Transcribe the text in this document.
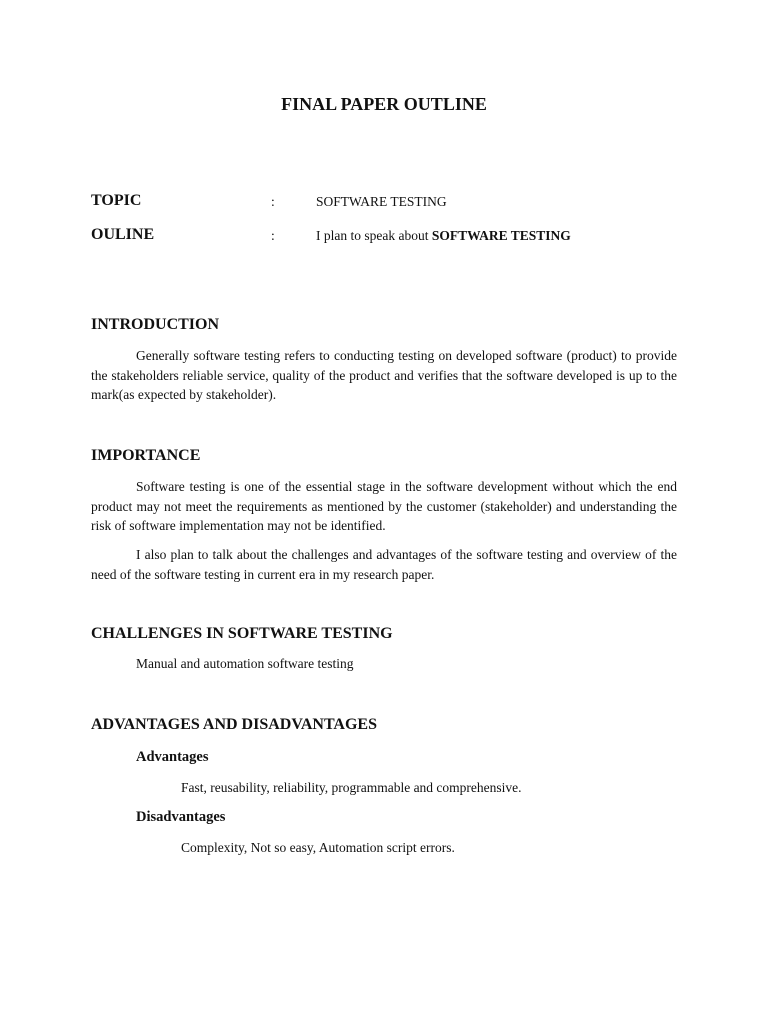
FINAL PAPER OUTLINE
TOPIC	:	SOFTWARE TESTING
OULINE	:	I plan to speak about SOFTWARE TESTING
INTRODUCTION

Generally software testing refers to conducting testing on developed software (product) to provide the stakeholders reliable service, quality of the product and verifies that the software developed is up to the mark(as expected by stakeholder).

IMPORTANCE

Software testing is one of the essential stage in the software development without which the end product may not meet the requirements as mentioned by the customer (stakeholder) and understanding the risk of software implementation may not be identified.

I also plan to talk about the challenges and advantages of the software testing and overview of the need of the software testing in current era in my research paper.

CHALLENGES IN SOFTWARE TESTING

Manual and automation software testing

ADVANTAGES AND DISADVANTAGES
Advantages

Fast, reusability, reliability, programmable and comprehensive.

Disadvantages

Complexity, Not so easy, Automation script errors.
